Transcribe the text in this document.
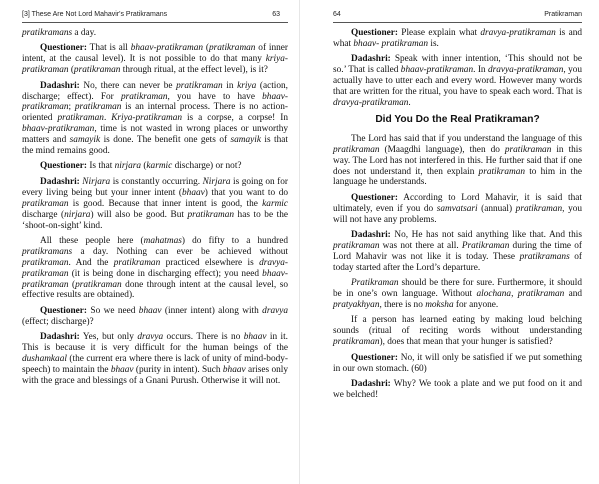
[3] These Are Not Lord Mahavir's Pratikramans	63

pratikramans a day.

Questioner: That is all bhaav-pratikraman (pratikraman of inner intent, at the causal level). It is not possible to do that many kriya-pratikraman (pratikraman through ritual, at the effect level), is it?

Dadashri: No, there can never be pratikraman in kriya (action, discharge; effect). For pratikraman, you have to have bhaav-pratikraman; pratikraman is an internal process. There is no action-oriented pratikraman. Kriya-pratikraman is a corpse, a corpse! In bhaav-pratikraman, time is not wasted in wrong places or unworthy matters and samayik is done. The benefit one gets of samayik is that the mind remains good.

Questioner: Is that nirjara (karmic discharge) or not?

Dadashri: Nirjara is constantly occurring. Nirjara is going on for every living being but your inner intent (bhaav) that you want to do pratikraman is good. Because that inner intent is good, the karmic discharge (nirjara) will also be good. But pratikraman has to be the ‘shoot-on-sight’ kind.

All these people here (mahatmas) do fifty to a hundred pratikramans a day. Nothing can ever be achieved without pratikraman. And the pratikraman practiced elsewhere is dravya-pratikraman (it is being done in discharging effect); you need bhaav-pratikraman (pratikraman done through intent at the causal level, so effective results are obtained).

Questioner: So we need bhaav (inner intent) along with dravya (effect; discharge)?

Dadashri: Yes, but only dravya occurs. There is no bhaav in it. This is because it is very difficult for the human beings of the dushamkaal (the current era where there is lack of unity of mind-body-speech) to maintain the bhaav (purity in intent). Such bhaav arises only with the grace and blessings of a Gnani Purush. Otherwise it will not.

64	Pratikraman

Questioner: Please explain what dravya-pratikraman is and what bhaav- pratikraman is.

Dadashri: Speak with inner intention, ‘This should not be so.’ That is called bhaav-pratikraman. In dravya-pratikraman, you actually have to utter each and every word. However many words that are written for the ritual, you have to speak each word. That is dravya-pratikraman.

Did You Do the Real Pratikraman?

The Lord has said that if you understand the language of this pratikraman (Maagdhi language), then do pratikraman in this way. The Lord has not interfered in this. He further said that if one does not understand it, then explain pratikraman to him in the language he understands.

Questioner: According to Lord Mahavir, it is said that ultimately, even if you do samvatsari (annual) pratikraman, you will not have any problems.

Dadashri: No, He has not said anything like that. And this pratikraman was not there at all. Pratikraman during the time of Lord Mahavir was not like it is today. These pratikramans of today started after the Lord’s departure.

Pratikraman should be there for sure. Furthermore, it should be in one’s own language. Without alochana, pratikraman and pratyakhyan, there is no moksha for anyone.

If a person has learned eating by making loud belching sounds (ritual of reciting words without understanding pratikraman), does that mean that your hunger is satisfied?

Questioner: No, it will only be satisfied if we put something in our own stomach. (60)

Dadashri: Why? We took a plate and we put food on it and we belched!
